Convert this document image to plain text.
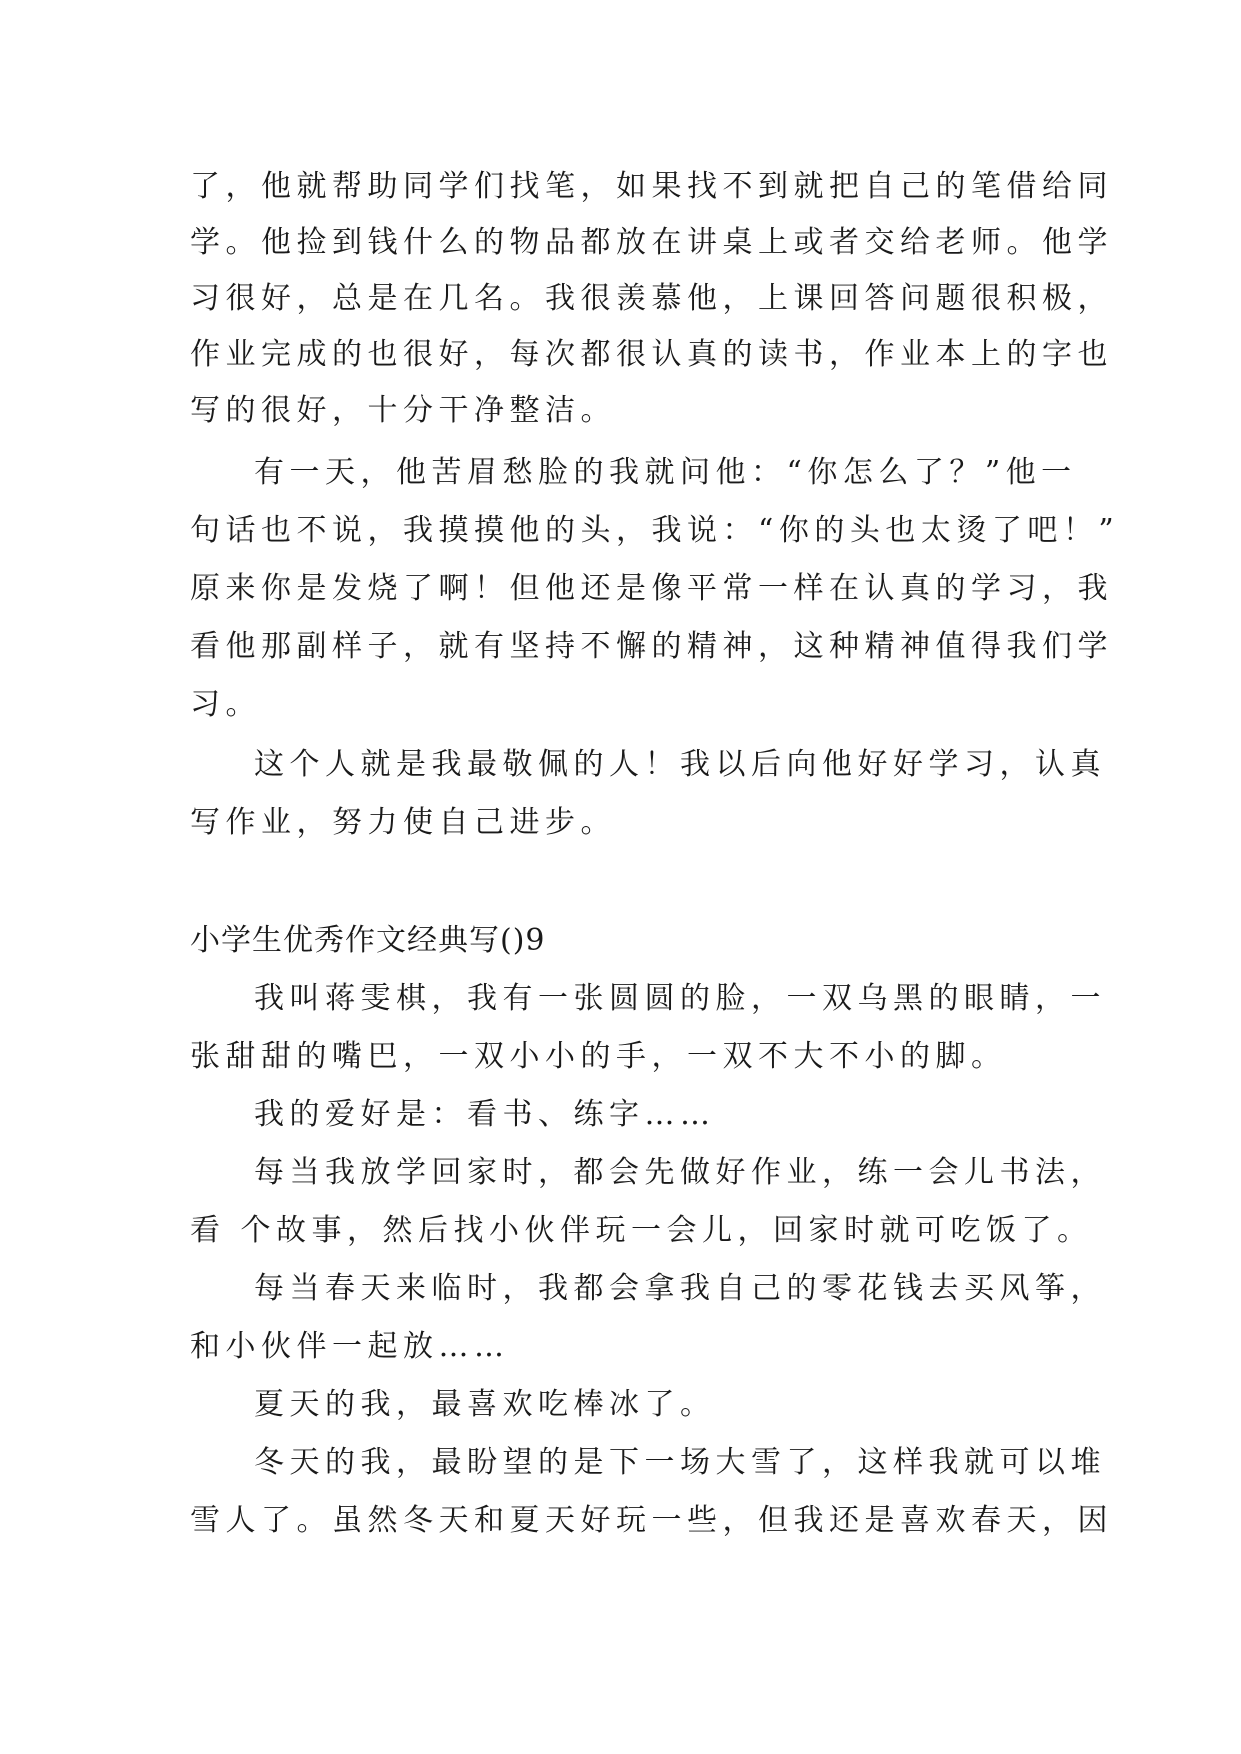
了，他就帮助同学们找笔，如果找不到就把自己的笔借给同
学。他捡到钱什么的物品都放在讲桌上或者交给老师。他学
习很好，总是在几名。我很羡慕他，上课回答问题很积极，
作业完成的也很好，每次都很认真的读书，作业本上的字也
写的很好，十分干净整洁。
有一天，他苦眉愁脸的我就问他：“你怎么了？”他一
句话也不说，我摸摸他的头，我说：“你的头也太烫了吧！”
原来你是发烧了啊！但他还是像平常一样在认真的学习，我
看他那副样子，就有坚持不懈的精神，这种精神值得我们学
习。
这个人就是我最敬佩的人！我以后向他好好学习，认真
写作业，努力使自己进步。
小学生优秀作文经典写()9
我叫蒋雯棋，我有一张圆圆的脸，一双乌黑的眼睛，一
张甜甜的嘴巴，一双小小的手，一双不大不小的脚。
我的爱好是：看书、练字……
每当我放学回家时，都会先做好作业，练一会儿书法，
看 个故事，然后找小伙伴玩一会儿，回家时就可吃饭了。
每当春天来临时，我都会拿我自己的零花钱去买风筝，
和小伙伴一起放……
夏天的我，最喜欢吃棒冰了。
冬天的我，最盼望的是下一场大雪了，这样我就可以堆
雪人了。虽然冬天和夏天好玩一些，但我还是喜欢春天，因
